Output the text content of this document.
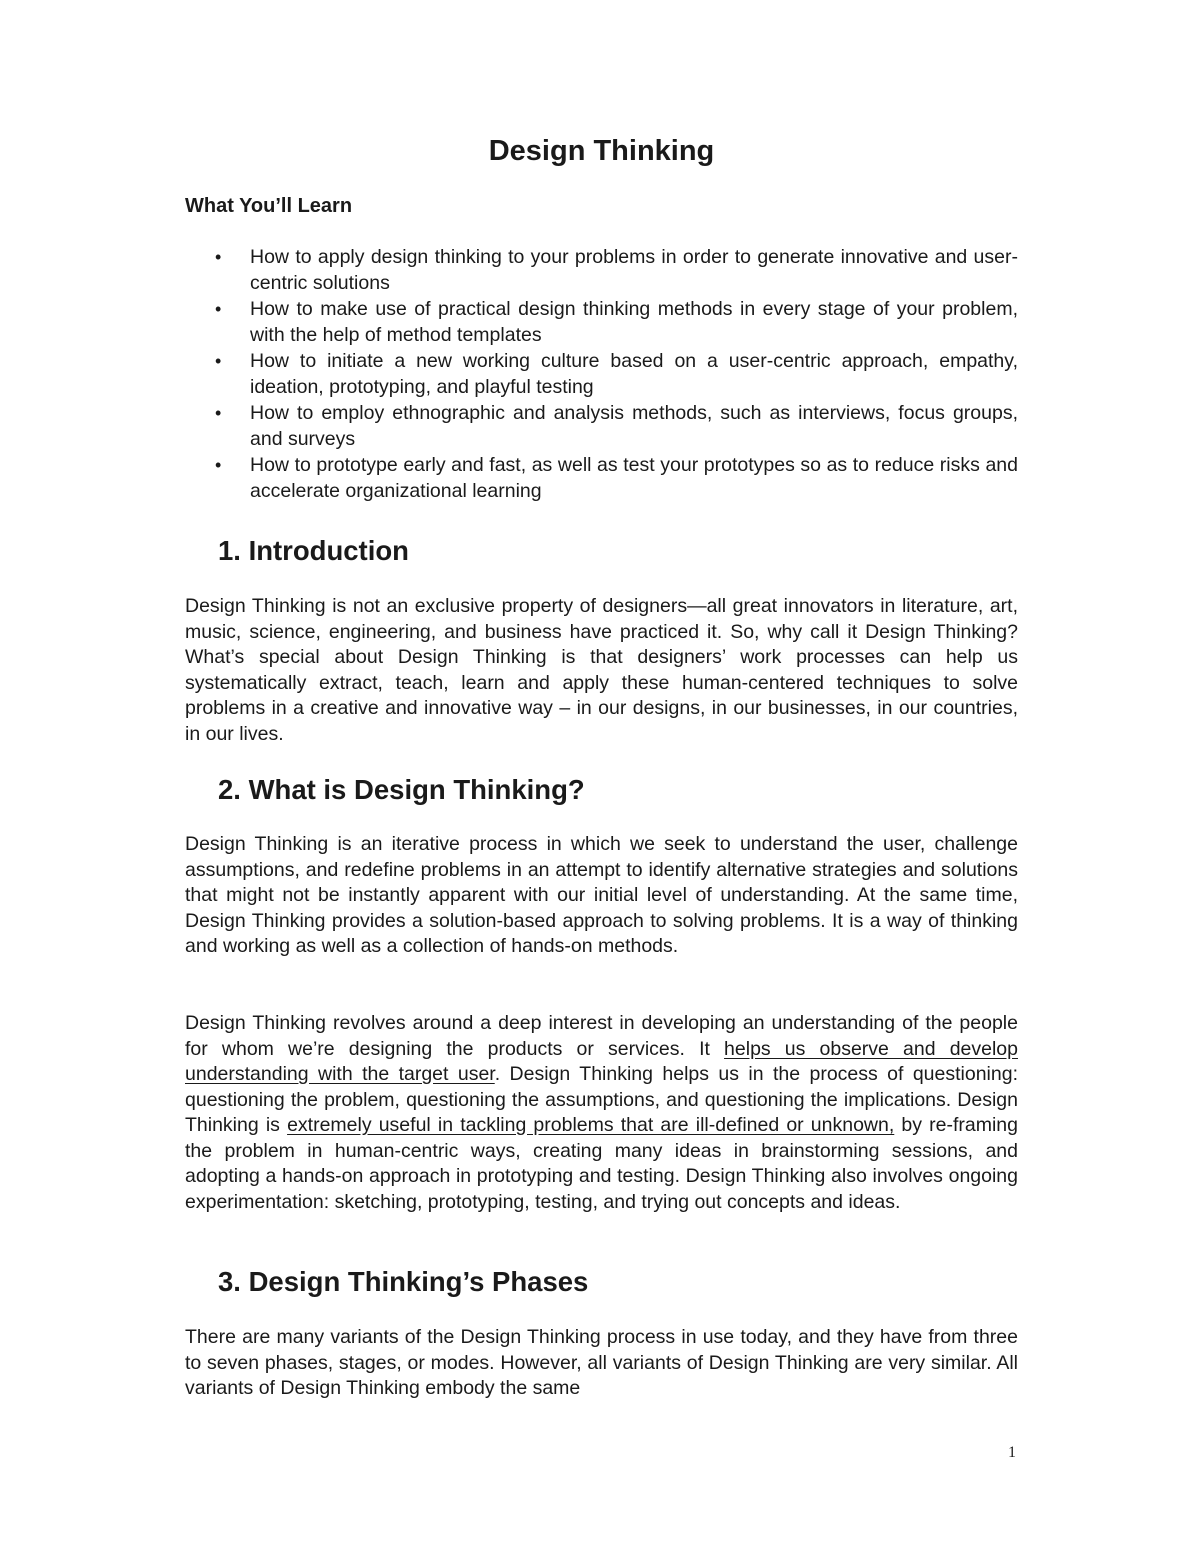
Design Thinking
What You’ll Learn
• How to apply design thinking to your problems in order to generate innovative and user-centric solutions
• How to make use of practical design thinking methods in every stage of your problem, with the help of method templates
• How to initiate a new working culture based on a user-centric approach, empathy, ideation, prototyping, and playful testing
• How to employ ethnographic and analysis methods, such as interviews, focus groups, and surveys
• How to prototype early and fast, as well as test your prototypes so as to reduce risks and accelerate organizational learning
1. Introduction

Design Thinking is not an exclusive property of designers—all great innovators in literature, art, music, science, engineering, and business have practiced it. So, why call it Design Thinking? What’s special about Design Thinking is that designers’ work processes can help us systematically extract, teach, learn and apply these human-centered techniques to solve problems in a creative and innovative way – in our designs, in our businesses, in our countries, in our lives.

2. What is Design Thinking?

Design Thinking is an iterative process in which we seek to understand the user, challenge assumptions, and redefine problems in an attempt to identify alternative strategies and solutions that might not be instantly apparent with our initial level of understanding. At the same time, Design Thinking provides a solution-based approach to solving problems. It is a way of thinking and working as well as a collection of hands-on methods.

Design Thinking revolves around a deep interest in developing an understanding of the people for whom we’re designing the products or services. It helps us observe and develop understanding with the target user. Design Thinking helps us in the process of questioning: questioning the problem, questioning the assumptions, and questioning the implications. Design Thinking is extremely useful in tackling problems that are ill-defined or unknown, by re-framing the problem in human-centric ways, creating many ideas in brainstorming sessions, and adopting a hands-on approach in prototyping and testing. Design Thinking also involves ongoing experimentation: sketching, prototyping, testing, and trying out concepts and ideas.

3. Design Thinking’s Phases

There are many variants of the Design Thinking process in use today, and they have from three to seven phases, stages, or modes. However, all variants of Design Thinking are very similar. All variants of Design Thinking embody the same

1
